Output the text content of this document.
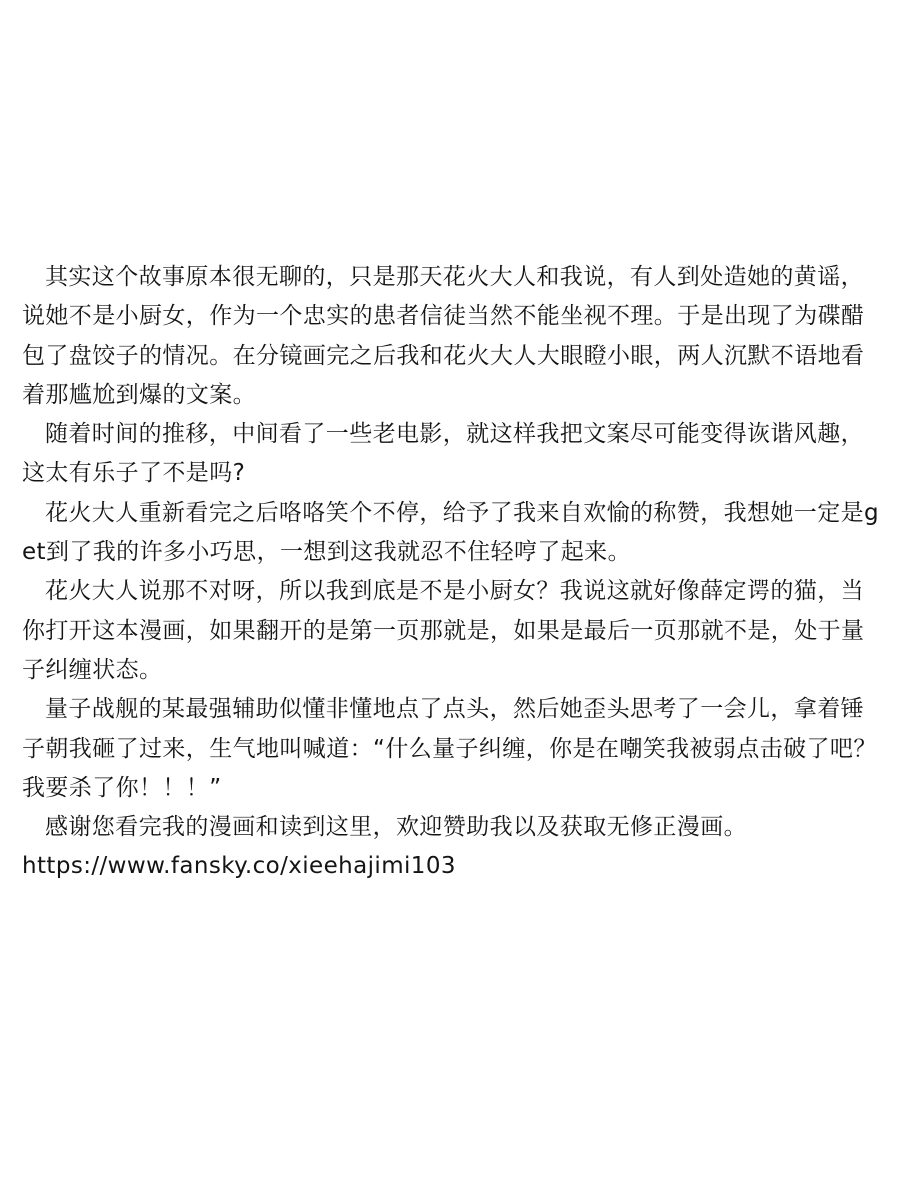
其实这个故事原本很无聊的，只是那天花火大人和我说，有人到处造她的黄谣，说她不是小厨女，作为一个忠实的患者信徒当然不能坐视不理。于是出现了为碟醋包了盘饺子的情况。在分镜画完之后我和花火大人大眼瞪小眼，两人沉默不语地看着那尴尬到爆的文案。

随着时间的推移，中间看了一些老电影，就这样我把文案尽可能变得诙谐风趣，这太有乐子了不是吗?

花火大人重新看完之后咯咯笑个不停，给予了我来自欢愉的称赞，我想她一定是get到了我的许多小巧思，一想到这我就忍不住轻哼了起来。

花火大人说那不对呀，所以我到底是不是小厨女？我说这就好像薛定谔的猫，当你打开这本漫画，如果翻开的是第一页那就是，如果是最后一页那就不是，处于量子纠缠状态。

量子战舰的某最强辅助似懂非懂地点了点头，然后她歪头思考了一会儿，拿着锤子朝我砸了过来，生气地叫喊道：“什么量子纠缠，你是在嘲笑我被弱点击破了吧？我要杀了你！！！”

感谢您看完我的漫画和读到这里，欢迎赞助我以及获取无修正漫画。

https://www.fansky.co/xieehajimi103
